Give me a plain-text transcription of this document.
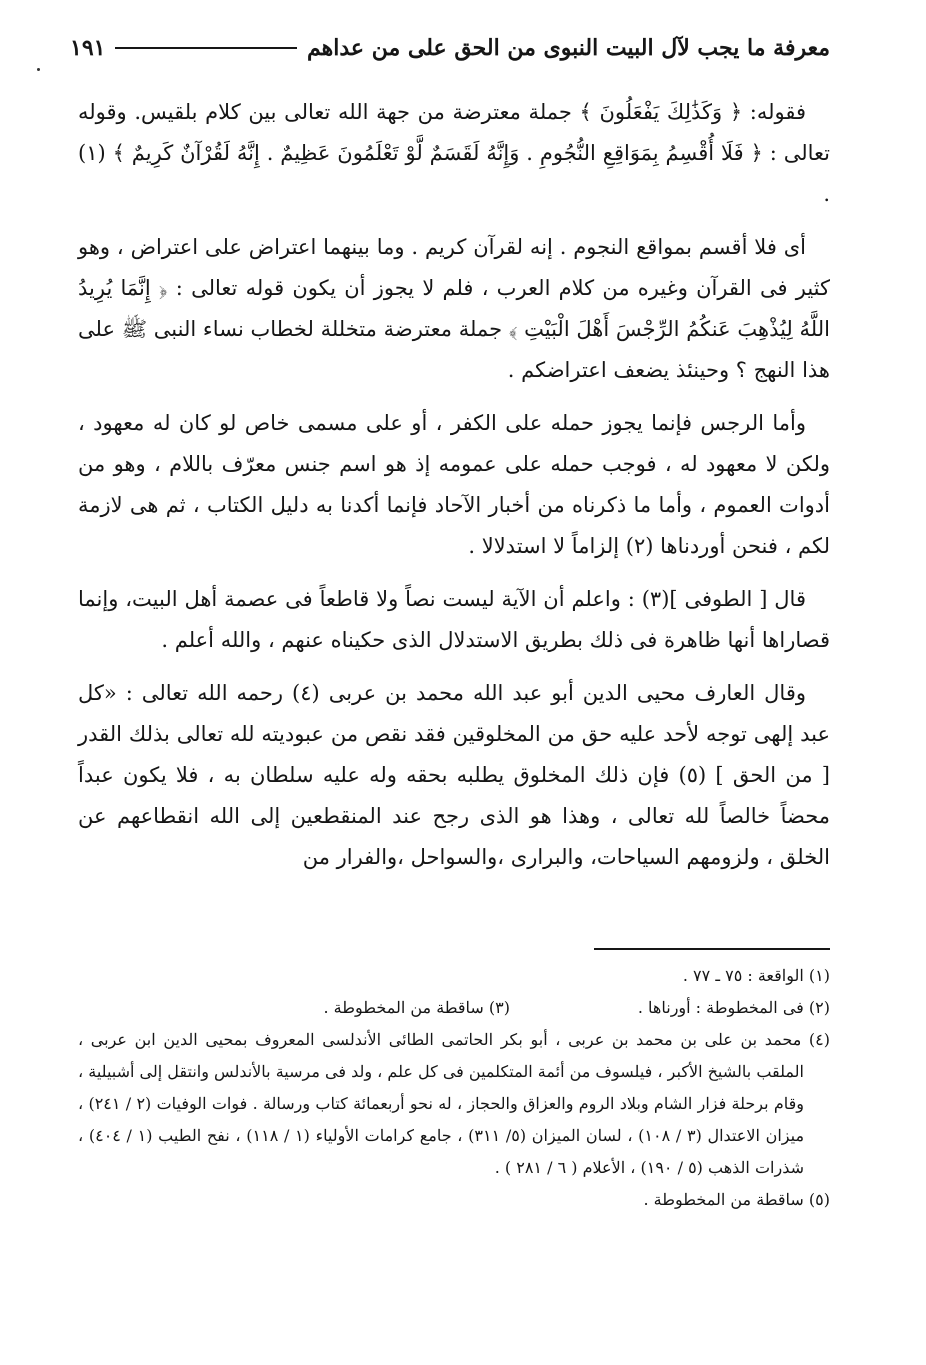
معرفة ما يجب لآل البيت النبوى من الحق على من عداهم
١٩١

فقوله: ﴿ وَكَذَٰلِكَ يَفْعَلُونَ ﴾ جملة معترضة من جهة الله تعالى بين كلام بلقيس. وقوله تعالى : ﴿ فَلَا أُقْسِمُ بِمَوَاقِعِ النُّجُومِ . وَإِنَّهُ لَقَسَمٌ لَّوْ تَعْلَمُونَ عَظِيمٌ . إِنَّهُ لَقُرْآنٌ كَرِيمٌ ﴾ (١) .

أى فلا أقسم بمواقع النجوم . إنه لقرآن كريم . وما بينهما اعتراض على اعتراض ، وهو كثير فى القرآن وغيره من كلام العرب ، فلم لا يجوز أن يكون قوله تعالى : ﴿ إِنَّمَا يُرِيدُ اللَّهُ لِيُذْهِبَ عَنكُمُ الرِّجْسَ أَهْلَ الْبَيْتِ ﴾ جملة معترضة متخللة لخطاب نساء النبى ﷺ على هذا النهج ؟ وحينئذ يضعف اعتراضكم .

وأما الرجس فإنما يجوز حمله على الكفر ، أو على مسمى خاص لو كان له معهود ، ولكن لا معهود له ، فوجب حمله على عمومه إذ هو اسم جنس معرّف باللام ، وهو من أدوات العموم ، وأما ما ذكرناه من أخبار الآحاد فإنما أكدنا به دليل الكتاب ، ثم هى لازمة لكم ، فنحن أوردناها (٢) إلزاماً لا استدلالا .

قال [ الطوفى ](٣) : واعلم أن الآية ليست نصاً ولا قاطعاً فى عصمة أهل البيت، وإنما قصاراها أنها ظاهرة فى ذلك بطريق الاستدلال الذى حكيناه عنهم ، والله أعلم .

وقال العارف محيى الدين أبو عبد الله محمد بن عربى (٤) رحمه الله تعالى : «كل عبد إلهى توجه لأحد عليه حق من المخلوقين فقد نقص من عبوديته لله تعالى بذلك القدر [ من الحق ] (٥) فإن ذلك المخلوق يطلبه بحقه وله عليه سلطان به ، فلا يكون عبداً محضاً خالصاً لله تعالى ، وهذا هو الذى رجح عند المنقطعين إلى الله انقطاعهم عن الخلق ، ولزومهم السياحات، والبرارى ،والسواحل ،والفرار من

(١) الواقعة : ٧٥ ـ ٧٧ .

(٢) فى المخطوطة : أورناها .

(٣) ساقطة من المخطوطة .

(٤) محمد بن على بن محمد بن عربى ، أبو بكر الحاتمى الطائى الأندلسى المعروف بمحيى الدين ابن عربى ، الملقب بالشيخ الأكبر ، فيلسوف من أئمة المتكلمين فى كل علم ، ولد فى مرسية بالأندلس وانتقل إلى أشبيلية ، وقام برحلة فزار الشام وبلاد الروم والعزاق والحجاز ، له نحو أربعمائة كتاب ورسالة . فوات الوفيات (٢ / ٢٤١) ، ميزان الاعتدال (٣ / ١٠٨) ، لسان الميزان (٥/ ٣١١) ، جامع كرامات الأولياء (١ / ١١٨) ، نفح الطيب (١ / ٤٠٤) ، شذرات الذهب (٥ / ١٩٠) ، الأعلام ( ٦ / ٢٨١ ) .

(٥) ساقطة من المخطوطة .
